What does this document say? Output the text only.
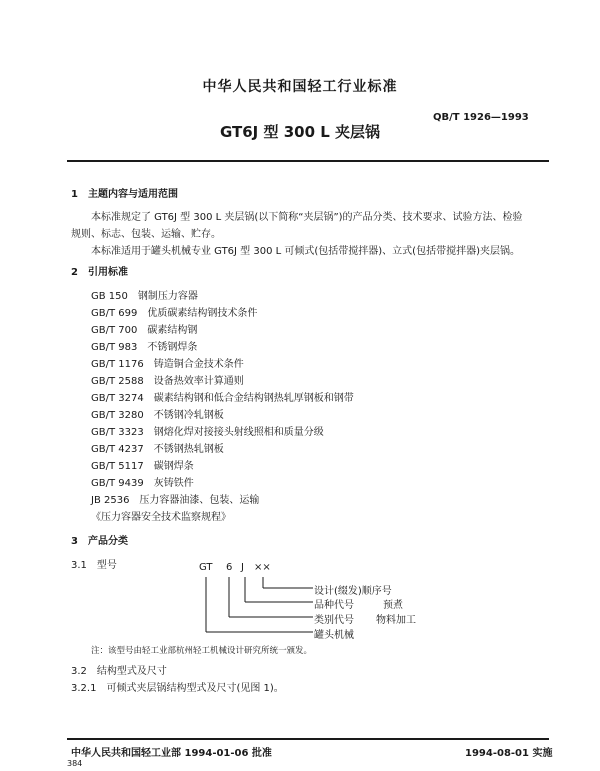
中华人民共和国轻工行业标准
QB/T 1926—1993
GT6J 型 300 L 夹层锅
1　主题内容与适用范围
本标准规定了 GT6J 型 300 L 夹层锅(以下简称“夹层锅”)的产品分类、技术要求、试验方法、检验
规则、标志、包装、运输、贮存。
本标准适用于罐头机械专业 GT6J 型 300 L 可倾式(包括带搅拌器)、立式(包括带搅拌器)夹层锅。
2　引用标准
GB 150　钢制压力容器
GB/T 699　优质碳素结构钢技术条件
GB/T 700　碳素结构钢
GB/T 983　不锈钢焊条
GB/T 1176　铸造铜合金技术条件
GB/T 2588　设备热效率计算通则
GB/T 3274　碳素结构钢和低合金结构钢热轧厚钢板和钢带
GB/T 3280　不锈钢冷轧钢板
GB/T 3323　钢熔化焊对接接头射线照相和质量分级
GB/T 4237　不锈钢热轧钢板
GB/T 5117　碳钢焊条
GB/T 9439　灰铸铁件
JB 2536　压力容器油漆、包装、运输
《压力容器安全技术监察规程》
3　产品分类
3.1　型号	GT 6 J ××
设计(缀发)顺序号
品种代号	预煮
类别代号 物料加工
罐头机械
注：该型号由轻工业部杭州轻工机械设计研究所统一颁发。
3.2　结构型式及尺寸
3.2.1　可倾式夹层锅结构型式及尺寸(见图 1)。
中华人民共和国轻工业部 1994-01-06 批准	1994-08-01 实施
384
